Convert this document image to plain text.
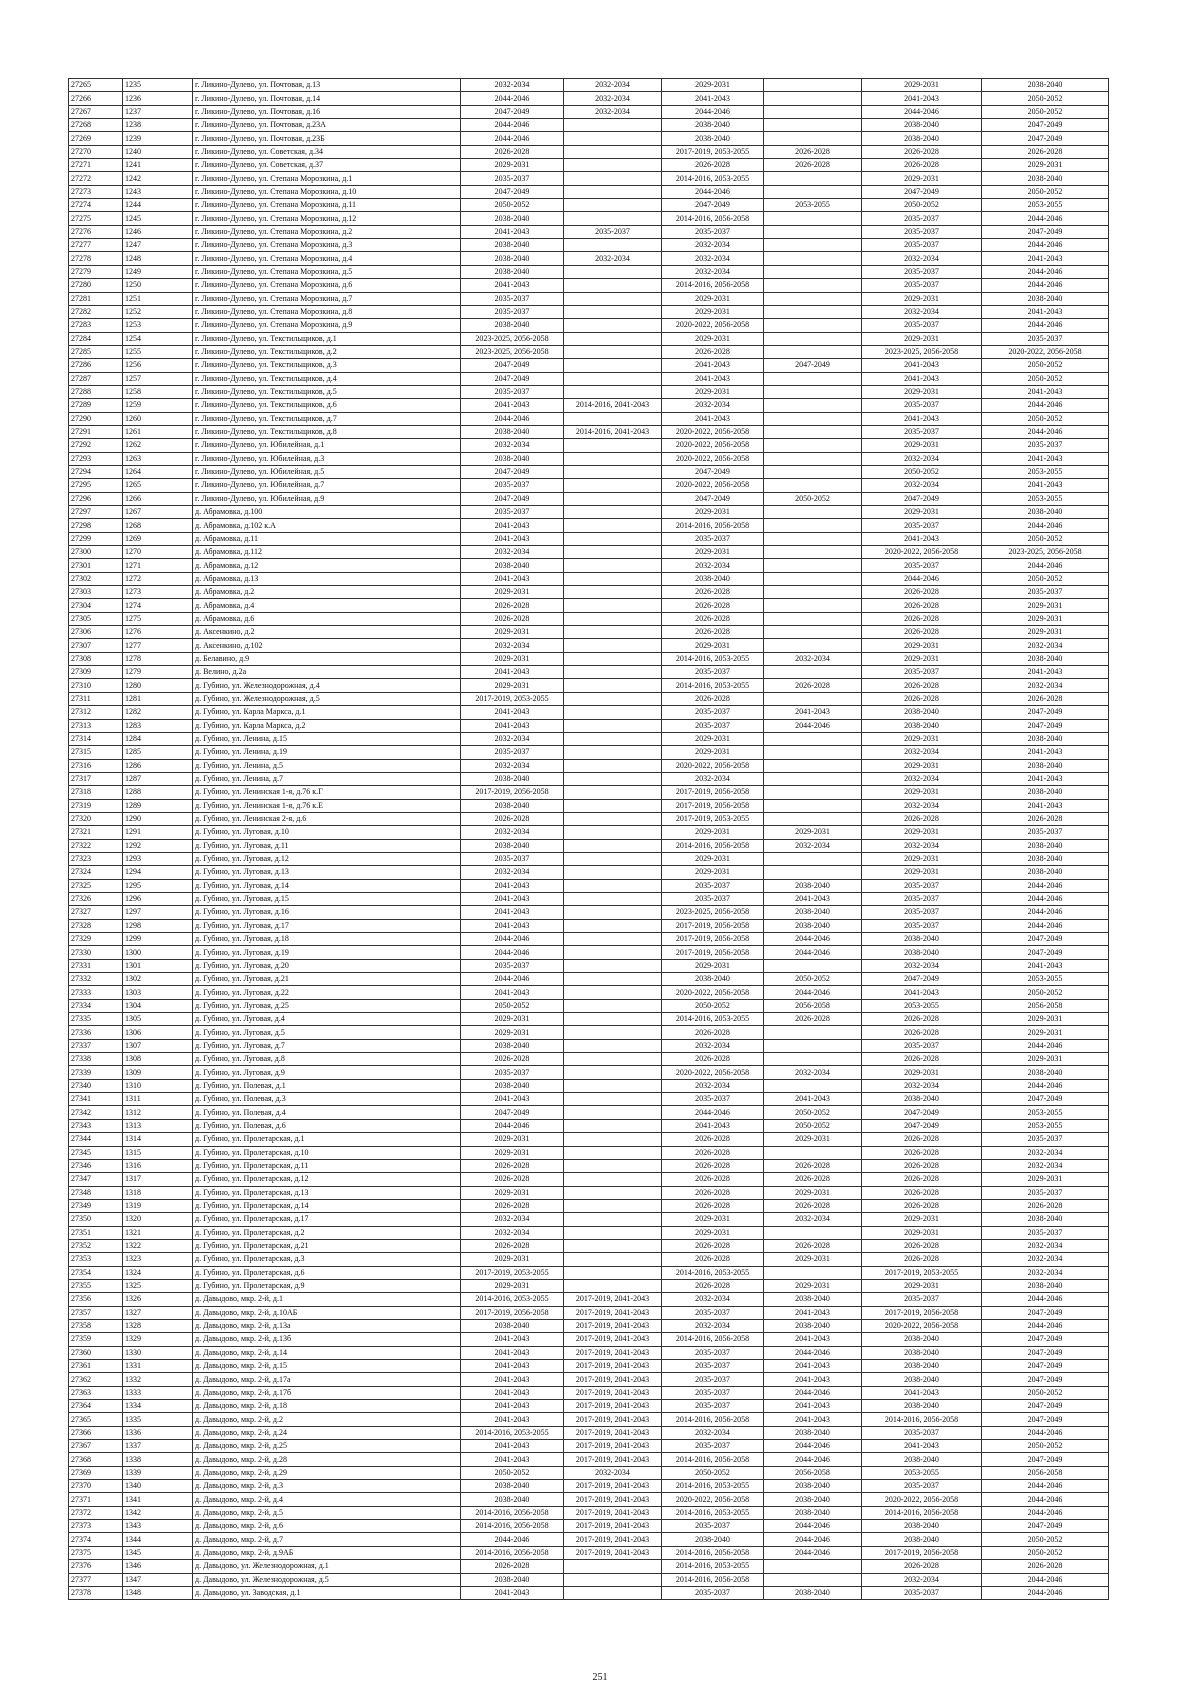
27265	1235	г. Ликино-Дулево, ул. Почтовая, д.13	2032-2034	2032-2034	2029-2031		2029-2031	2038-2040
27266	1236	г. Ликино-Дулево, ул. Почтовая, д.14	2044-2046	2032-2034	2041-2043		2041-2043	2050-2052
27267	1237	г. Ликино-Дулево, ул. Почтовая, д.16	2047-2049	2032-2034	2044-2046		2044-2046	2050-2052
27268	1238	г. Ликино-Дулево, ул. Почтовая, д.23А	2044-2046		2038-2040		2038-2040	2047-2049
27269	1239	г. Ликино-Дулево, ул. Почтовая, д.23Б	2044-2046		2038-2040		2038-2040	2047-2049
27270	1240	г. Ликино-Дулево, ул. Советская, д.34	2026-2028		2017-2019, 2053-2055	2026-2028	2026-2028	2026-2028
27271	1241	г. Ликино-Дулево, ул. Советская, д.37	2029-2031		2026-2028	2026-2028	2026-2028	2029-2031
27272	1242	г. Ликино-Дулево, ул. Степана Морозкина, д.1	2035-2037		2014-2016, 2053-2055		2029-2031	2038-2040
27273	1243	г. Ликино-Дулево, ул. Степана Морозкина, д.10	2047-2049		2044-2046		2047-2049	2050-2052
27274	1244	г. Ликино-Дулево, ул. Степана Морозкина, д.11	2050-2052		2047-2049	2053-2055	2050-2052	2053-2055
27275	1245	г. Ликино-Дулево, ул. Степана Морозкина, д.12	2038-2040		2014-2016, 2056-2058		2035-2037	2044-2046
27276	1246	г. Ликино-Дулево, ул. Степана Морозкина, д.2	2041-2043	2035-2037	2035-2037		2035-2037	2047-2049
27277	1247	г. Ликино-Дулево, ул. Степана Морозкина, д.3	2038-2040		2032-2034		2035-2037	2044-2046
27278	1248	г. Ликино-Дулево, ул. Степана Морозкина, д.4	2038-2040	2032-2034	2032-2034		2032-2034	2041-2043
27279	1249	г. Ликино-Дулево, ул. Степана Морозкина, д.5	2038-2040		2032-2034		2035-2037	2044-2046
27280	1250	г. Ликино-Дулево, ул. Степана Морозкина, д.6	2041-2043		2014-2016, 2056-2058		2035-2037	2044-2046
27281	1251	г. Ликино-Дулево, ул. Степана Морозкина, д.7	2035-2037		2029-2031		2029-2031	2038-2040
27282	1252	г. Ликино-Дулево, ул. Степана Морозкина, д.8	2035-2037		2029-2031		2032-2034	2041-2043
27283	1253	г. Ликино-Дулево, ул. Степана Морозкина, д.9	2038-2040		2020-2022, 2056-2058		2035-2037	2044-2046
27284	1254	г. Ликино-Дулево, ул. Текстильщиков, д.1	2023-2025, 2056-2058		2029-2031		2029-2031	2035-2037
27285	1255	г. Ликино-Дулево, ул. Текстильщиков, д.2	2023-2025, 2056-2058		2026-2028		2023-2025, 2056-2058	2020-2022, 2056-2058
27286	1256	г. Ликино-Дулево, ул. Текстильщиков, д.3	2047-2049		2041-2043	2047-2049	2041-2043	2050-2052
27287	1257	г. Ликино-Дулево, ул. Текстильщиков, д.4	2047-2049		2041-2043		2041-2043	2050-2052
27288	1258	г. Ликино-Дулево, ул. Текстильщиков, д.5	2035-2037		2029-2031		2029-2031	2041-2043
27289	1259	г. Ликино-Дулево, ул. Текстильщиков, д.6	2041-2043	2014-2016, 2041-2043	2032-2034		2035-2037	2044-2046
27290	1260	г. Ликино-Дулево, ул. Текстильщиков, д.7	2044-2046		2041-2043		2041-2043	2050-2052
27291	1261	г. Ликино-Дулево, ул. Текстильщиков, д.8	2038-2040	2014-2016, 2041-2043	2020-2022, 2056-2058		2035-2037	2044-2046
27292	1262	г. Ликино-Дулево, ул. Юбилейная, д.1	2032-2034		2020-2022, 2056-2058		2029-2031	2035-2037
27293	1263	г. Ликино-Дулево, ул. Юбилейная, д.3	2038-2040		2020-2022, 2056-2058		2032-2034	2041-2043
27294	1264	г. Ликино-Дулево, ул. Юбилейная, д.5	2047-2049		2047-2049		2050-2052	2053-2055
27295	1265	г. Ликино-Дулево, ул. Юбилейная, д.7	2035-2037		2020-2022, 2056-2058		2032-2034	2041-2043
27296	1266	г. Ликино-Дулево, ул. Юбилейная, д.9	2047-2049		2047-2049	2050-2052	2047-2049	2053-2055
27297	1267	д. Абрамовка, д.100	2035-2037		2029-2031		2029-2031	2038-2040
27298	1268	д. Абрамовка, д.102 к.А	2041-2043		2014-2016, 2056-2058		2035-2037	2044-2046
27299	1269	д. Абрамовка, д.11	2041-2043		2035-2037		2041-2043	2050-2052
27300	1270	д. Абрамовка, д.112	2032-2034		2029-2031		2020-2022, 2056-2058	2023-2025, 2056-2058
27301	1271	д. Абрамовка, д.12	2038-2040		2032-2034		2035-2037	2044-2046
27302	1272	д. Абрамовка, д.13	2041-2043		2038-2040		2044-2046	2050-2052
27303	1273	д. Абрамовка, д.2	2029-2031		2026-2028		2026-2028	2035-2037
27304	1274	д. Абрамовка, д.4	2026-2028		2026-2028		2026-2028	2029-2031
27305	1275	д. Абрамовка, д.6	2026-2028		2026-2028		2026-2028	2029-2031
27306	1276	д. Аксенкино, д.2	2029-2031		2026-2028		2026-2028	2029-2031
27307	1277	д. Аксенкино, д.102	2032-2034		2029-2031		2029-2031	2032-2034
27308	1278	д. Белавино, д.9	2029-2031		2014-2016, 2053-2055	2032-2034	2029-2031	2038-2040
27309	1279	д. Велино, д.2а	2041-2043		2035-2037		2035-2037	2041-2043
27310	1280	д. Губино, ул. Железнодорожная, д.4	2029-2031		2014-2016, 2053-2055	2026-2028	2026-2028	2032-2034
27311	1281	д. Губино, ул. Железнодорожная, д.5	2017-2019, 2053-2055		2026-2028		2026-2028	2026-2028
27312	1282	д. Губино, ул. Карла Маркса, д.1	2041-2043		2035-2037	2041-2043	2038-2040	2047-2049
27313	1283	д. Губино, ул. Карла Маркса, д.2	2041-2043		2035-2037	2044-2046	2038-2040	2047-2049
27314	1284	д. Губино, ул. Ленина, д.15	2032-2034		2029-2031		2029-2031	2038-2040
27315	1285	д. Губино, ул. Ленина, д.19	2035-2037		2029-2031		2032-2034	2041-2043
27316	1286	д. Губино, ул. Ленина, д.5	2032-2034		2020-2022, 2056-2058		2029-2031	2038-2040
27317	1287	д. Губино, ул. Ленина, д.7	2038-2040		2032-2034		2032-2034	2041-2043
27318	1288	д. Губино, ул. Ленинская 1-я, д.76 к.Г	2017-2019, 2056-2058		2017-2019, 2056-2058		2029-2031	2038-2040
27319	1289	д. Губино, ул. Ленинская 1-я, д.76 к.Е	2038-2040		2017-2019, 2056-2058		2032-2034	2041-2043
27320	1290	д. Губино, ул. Ленинская 2-я, д.6	2026-2028		2017-2019, 2053-2055		2026-2028	2026-2028
27321	1291	д. Губино, ул. Луговая, д.10	2032-2034		2029-2031	2029-2031	2029-2031	2035-2037
27322	1292	д. Губино, ул. Луговая, д.11	2038-2040		2014-2016, 2056-2058	2032-2034	2032-2034	2038-2040
27323	1293	д. Губино, ул. Луговая, д.12	2035-2037		2029-2031		2029-2031	2038-2040
27324	1294	д. Губино, ул. Луговая, д.13	2032-2034		2029-2031		2029-2031	2038-2040
27325	1295	д. Губино, ул. Луговая, д.14	2041-2043		2035-2037	2038-2040	2035-2037	2044-2046
27326	1296	д. Губино, ул. Луговая, д.15	2041-2043		2035-2037	2041-2043	2035-2037	2044-2046
27327	1297	д. Губино, ул. Луговая, д.16	2041-2043		2023-2025, 2056-2058	2038-2040	2035-2037	2044-2046
27328	1298	д. Губино, ул. Луговая, д.17	2041-2043		2017-2019, 2056-2058	2038-2040	2035-2037	2044-2046
27329	1299	д. Губино, ул. Луговая, д.18	2044-2046		2017-2019, 2056-2058	2044-2046	2038-2040	2047-2049
27330	1300	д. Губино, ул. Луговая, д.19	2044-2046		2017-2019, 2056-2058	2044-2046	2038-2040	2047-2049
27331	1301	д. Губино, ул. Луговая, д.20	2035-2037		2029-2031		2032-2034	2041-2043
27332	1302	д. Губино, ул. Луговая, д.21	2044-2046		2038-2040	2050-2052	2047-2049	2053-2055
27333	1303	д. Губино, ул. Луговая, д.22	2041-2043		2020-2022, 2056-2058	2044-2046	2041-2043	2050-2052
27334	1304	д. Губино, ул. Луговая, д.25	2050-2052		2050-2052	2056-2058	2053-2055	2056-2058
27335	1305	д. Губино, ул. Луговая, д.4	2029-2031		2014-2016, 2053-2055	2026-2028	2026-2028	2029-2031
27336	1306	д. Губино, ул. Луговая, д.5	2029-2031		2026-2028		2026-2028	2029-2031
27337	1307	д. Губино, ул. Луговая, д.7	2038-2040		2032-2034		2035-2037	2044-2046
27338	1308	д. Губино, ул. Луговая, д.8	2026-2028		2026-2028		2026-2028	2029-2031
27339	1309	д. Губино, ул. Луговая, д.9	2035-2037		2020-2022, 2056-2058	2032-2034	2029-2031	2038-2040
27340	1310	д. Губино, ул. Полевая, д.1	2038-2040		2032-2034		2032-2034	2044-2046
27341	1311	д. Губино, ул. Полевая, д.3	2041-2043		2035-2037	2041-2043	2038-2040	2047-2049
27342	1312	д. Губино, ул. Полевая, д.4	2047-2049		2044-2046	2050-2052	2047-2049	2053-2055
27343	1313	д. Губино, ул. Полевая, д.6	2044-2046		2041-2043	2050-2052	2047-2049	2053-2055
27344	1314	д. Губино, ул. Пролетарская, д.1	2029-2031		2026-2028	2029-2031	2026-2028	2035-2037
27345	1315	д. Губино, ул. Пролетарская, д.10	2029-2031		2026-2028		2026-2028	2032-2034
27346	1316	д. Губино, ул. Пролетарская, д.11	2026-2028		2026-2028	2026-2028	2026-2028	2032-2034
27347	1317	д. Губино, ул. Пролетарская, д.12	2026-2028		2026-2028	2026-2028	2026-2028	2029-2031
27348	1318	д. Губино, ул. Пролетарская, д.13	2029-2031		2026-2028	2029-2031	2026-2028	2035-2037
27349	1319	д. Губино, ул. Пролетарская, д.14	2026-2028		2026-2028	2026-2028	2026-2028	2026-2028
27350	1320	д. Губино, ул. Пролетарская, д.17	2032-2034		2029-2031	2032-2034	2029-2031	2038-2040
27351	1321	д. Губино, ул. Пролетарская, д.2	2032-2034		2029-2031		2029-2031	2035-2037
27352	1322	д. Губино, ул. Пролетарская, д.21	2026-2028		2026-2028	2026-2028	2026-2028	2032-2034
27353	1323	д. Губино, ул. Пролетарская, д.3	2029-2031		2026-2028	2029-2031	2026-2028	2032-2034
27354	1324	д. Губино, ул. Пролетарская, д.6	2017-2019, 2053-2055		2014-2016, 2053-2055		2017-2019, 2053-2055	2032-2034
27355	1325	д. Губино, ул. Пролетарская, д.9	2029-2031		2026-2028	2029-2031	2029-2031	2038-2040
27356	1326	д. Давыдово, мкр. 2-й, д.1	2014-2016, 2053-2055	2017-2019, 2041-2043	2032-2034	2038-2040	2035-2037	2044-2046
27357	1327	д. Давыдово, мкр. 2-й, д.10АБ	2017-2019, 2056-2058	2017-2019, 2041-2043	2035-2037	2041-2043	2017-2019, 2056-2058	2047-2049
27358	1328	д. Давыдово, мкр. 2-й, д.13а	2038-2040	2017-2019, 2041-2043	2032-2034	2038-2040	2020-2022, 2056-2058	2044-2046
27359	1329	д. Давыдово, мкр. 2-й, д.13б	2041-2043	2017-2019, 2041-2043	2014-2016, 2056-2058	2041-2043	2038-2040	2047-2049
27360	1330	д. Давыдово, мкр. 2-й, д.14	2041-2043	2017-2019, 2041-2043	2035-2037	2044-2046	2038-2040	2047-2049
27361	1331	д. Давыдово, мкр. 2-й, д.15	2041-2043	2017-2019, 2041-2043	2035-2037	2041-2043	2038-2040	2047-2049
27362	1332	д. Давыдово, мкр. 2-й, д.17а	2041-2043	2017-2019, 2041-2043	2035-2037	2041-2043	2038-2040	2047-2049
27363	1333	д. Давыдово, мкр. 2-й, д.17б	2041-2043	2017-2019, 2041-2043	2035-2037	2044-2046	2041-2043	2050-2052
27364	1334	д. Давыдово, мкр. 2-й, д.18	2041-2043	2017-2019, 2041-2043	2035-2037	2041-2043	2038-2040	2047-2049
27365	1335	д. Давыдово, мкр. 2-й, д.2	2041-2043	2017-2019, 2041-2043	2014-2016, 2056-2058	2041-2043	2014-2016, 2056-2058	2047-2049
27366	1336	д. Давыдово, мкр. 2-й, д.24	2014-2016, 2053-2055	2017-2019, 2041-2043	2032-2034	2038-2040	2035-2037	2044-2046
27367	1337	д. Давыдово, мкр. 2-й, д.25	2041-2043	2017-2019, 2041-2043	2035-2037	2044-2046	2041-2043	2050-2052
27368	1338	д. Давыдово, мкр. 2-й, д.28	2041-2043	2017-2019, 2041-2043	2014-2016, 2056-2058	2044-2046	2038-2040	2047-2049
27369	1339	д. Давыдово, мкр. 2-й, д.29	2050-2052	2032-2034	2050-2052	2056-2058	2053-2055	2056-2058
27370	1340	д. Давыдово, мкр. 2-й, д.3	2038-2040	2017-2019, 2041-2043	2014-2016, 2053-2055	2038-2040	2035-2037	2044-2046
27371	1341	д. Давыдово, мкр. 2-й, д.4	2038-2040	2017-2019, 2041-2043	2020-2022, 2056-2058	2038-2040	2020-2022, 2056-2058	2044-2046
27372	1342	д. Давыдово, мкр. 2-й, д.5	2014-2016, 2056-2058	2017-2019, 2041-2043	2014-2016, 2053-2055	2038-2040	2014-2016, 2056-2058	2044-2046
27373	1343	д. Давыдово, мкр. 2-й, д.6	2014-2016, 2056-2058	2017-2019, 2041-2043	2035-2037	2044-2046	2038-2040	2047-2049
27374	1344	д. Давыдово, мкр. 2-й, д.7	2044-2046	2017-2019, 2041-2043	2038-2040	2044-2046	2038-2040	2050-2052
27375	1345	д. Давыдово, мкр. 2-й, д.9АБ	2014-2016, 2056-2058	2017-2019, 2041-2043	2014-2016, 2056-2058	2044-2046	2017-2019, 2056-2058	2050-2052
27376	1346	д. Давыдово, ул. Железнодорожная, д.1	2026-2028		2014-2016, 2053-2055		2026-2028	2026-2028
27377	1347	д. Давыдово, ул. Железнодорожная, д.5	2038-2040		2014-2016, 2056-2058		2032-2034	2044-2046
27378	1348	д. Давыдово, ул. Заводская, д.1	2041-2043		2035-2037	2038-2040	2035-2037	2044-2046
251
